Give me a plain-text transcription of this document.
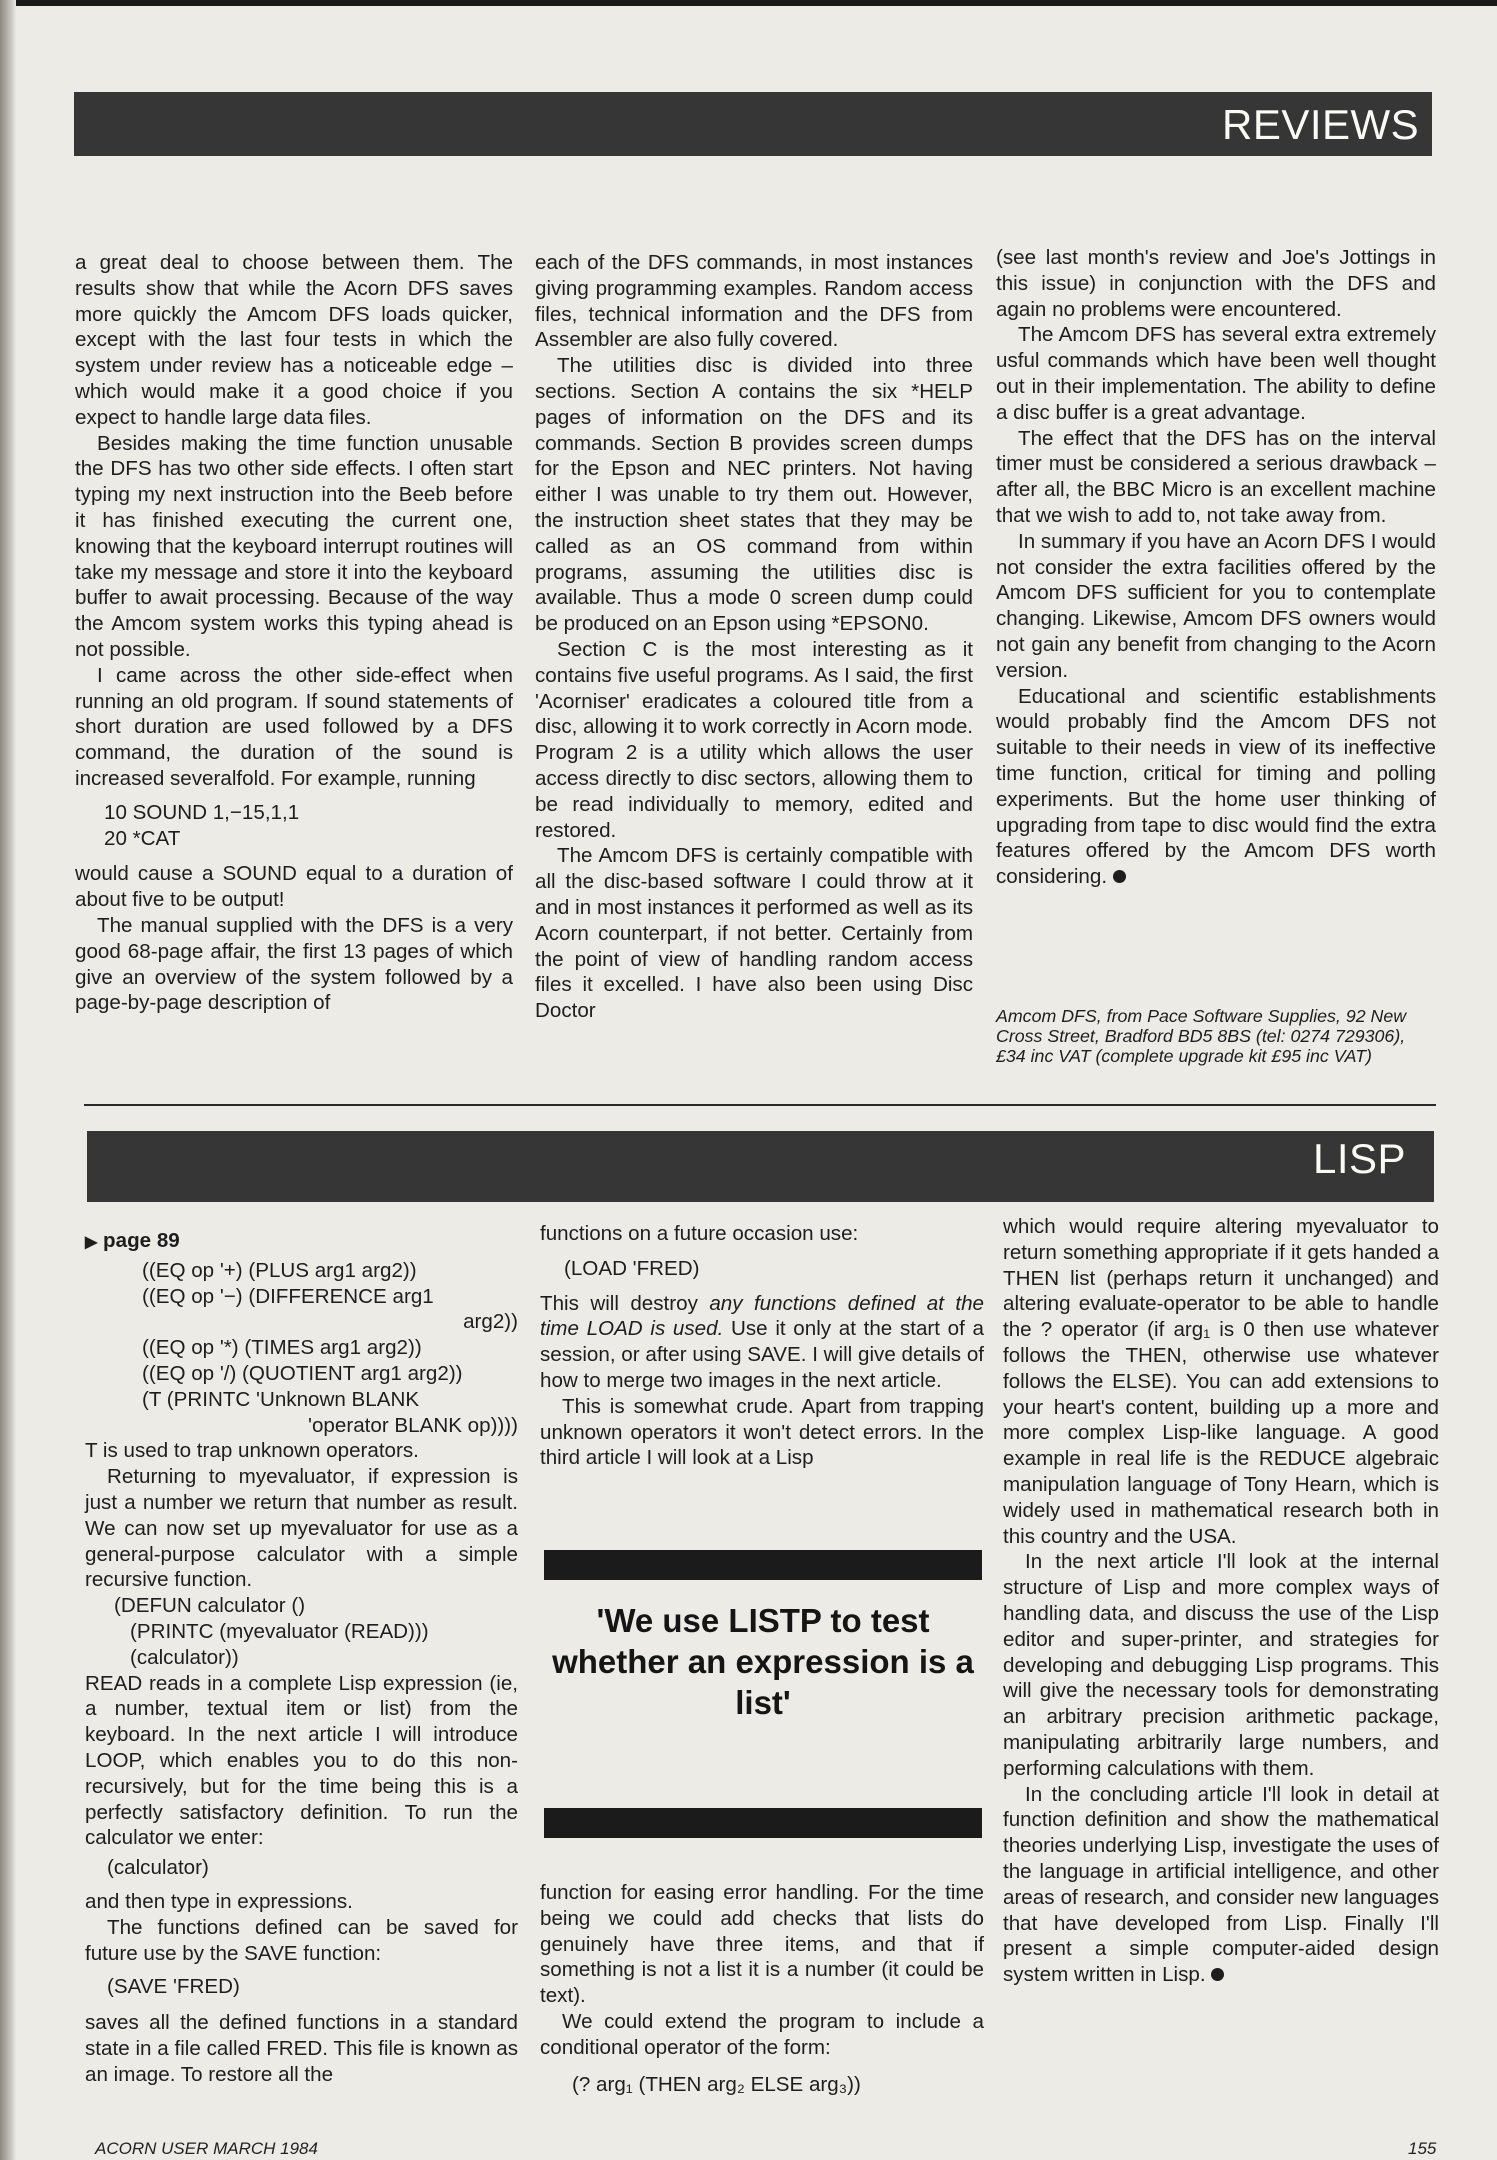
REVIEWS

a great deal to choose between them. The results show that while the Acorn DFS saves more quickly the Amcom DFS loads quicker, except with the last four tests in which the system under review has a noticeable edge – which would make it a good choice if you expect to handle large data files.

Besides making the time function unusable the DFS has two other side effects. I often start typing my next instruction into the Beeb before it has finished executing the current one, knowing that the keyboard interrupt routines will take my message and store it into the keyboard buffer to await processing. Because of the way the Amcom system works this typing ahead is not possible.

I came across the other side-effect when running an old program. If sound statements of short duration are used followed by a DFS command, the duration of the sound is increased severalfold. For example, running

10 SOUND 1,−15,1,1
20 *CAT

would cause a SOUND equal to a duration of about five to be output!

The manual supplied with the DFS is a very good 68-page affair, the first 13 pages of which give an overview of the system followed by a page-by-page description of

each of the DFS commands, in most instances giving programming examples. Random access files, technical information and the DFS from Assembler are also fully covered.

The utilities disc is divided into three sections. Section A contains the six *HELP pages of information on the DFS and its commands. Section B provides screen dumps for the Epson and NEC printers. Not having either I was unable to try them out. However, the instruction sheet states that they may be called as an OS command from within programs, assuming the utilities disc is available. Thus a mode 0 screen dump could be produced on an Epson using *EPSON0.

Section C is the most interesting as it contains five useful programs. As I said, the first 'Acorniser' eradicates a coloured title from a disc, allowing it to work correctly in Acorn mode. Program 2 is a utility which allows the user access directly to disc sectors, allowing them to be read individually to memory, edited and restored.

The Amcom DFS is certainly compatible with all the disc-based software I could throw at it and in most instances it performed as well as its Acorn counterpart, if not better. Certainly from the point of view of handling random access files it excelled. I have also been using Disc Doctor

(see last month's review and Joe's Jottings in this issue) in conjunction with the DFS and again no problems were encountered.

The Amcom DFS has several extra extremely usful commands which have been well thought out in their implementation. The ability to define a disc buffer is a great advantage.

The effect that the DFS has on the interval timer must be considered a serious drawback – after all, the BBC Micro is an excellent machine that we wish to add to, not take away from.

In summary if you have an Acorn DFS I would not consider the extra facilities offered by the Amcom DFS sufficient for you to contemplate changing. Likewise, Amcom DFS owners would not gain any benefit from changing to the Acorn version.

Educational and scientific establishments would probably find the Amcom DFS not suitable to their needs in view of its ineffective time function, critical for timing and polling experiments. But the home user thinking of upgrading from tape to disc would find the extra features offered by the Amcom DFS worth considering.

Amcom DFS, from Pace Software Supplies, 92 New Cross Street, Bradford BD5 8BS (tel: 0274 729306), £34 inc VAT (complete upgrade kit £95 inc VAT)
LISP
▶ page 89
((EQ op '+) (PLUS arg1 arg2))
((EQ op '−) (DIFFERENCE arg1
arg2))
((EQ op '*) (TIMES arg1 arg2))
((EQ op '/) (QUOTIENT arg1 arg2))
(T (PRINTC 'Unknown BLANK
'operator BLANK op))))

T is used to trap unknown operators.

Returning to myevaluator, if expression is just a number we return that number as result. We can now set up myevaluator for use as a general-purpose calculator with a simple recursive function.

(DEFUN calculator ()
(PRINTC (myevaluator (READ)))
(calculator))

READ reads in a complete Lisp expression (ie, a number, textual item or list) from the keyboard. In the next article I will introduce LOOP, which enables you to do this non-recursively, but for the time being this is a perfectly satisfactory definition. To run the calculator we enter:

(calculator)

and then type in expressions.

The functions defined can be saved for future use by the SAVE function:

(SAVE 'FRED)

saves all the defined functions in a standard state in a file called FRED. This file is known as an image. To restore all the

functions on a future occasion use:

(LOAD 'FRED)

This will destroy any functions defined at the time LOAD is used. Use it only at the start of a session, or after using SAVE. I will give details of how to merge two images in the next article.

This is somewhat crude. Apart from trapping unknown operators it won't detect errors. In the third article I will look at a Lisp

'We use LISTP to test whether an expression is a list'

function for easing error handling. For the time being we could add checks that lists do genuinely have three items, and that if something is not a list it is a number (it could be text).

We could extend the program to include a conditional operator of the form:

(? arg₁ (THEN arg₂ ELSE arg₃))

which would require altering myevaluator to return something appropriate if it gets handed a THEN list (perhaps return it unchanged) and altering evaluate-operator to be able to handle the ? operator (if arg₁ is 0 then use whatever follows the THEN, otherwise use whatever follows the ELSE). You can add extensions to your heart's content, building up a more and more complex Lisp-like language. A good example in real life is the REDUCE algebraic manipulation language of Tony Hearn, which is widely used in mathematical research both in this country and the USA.

In the next article I'll look at the internal structure of Lisp and more complex ways of handling data, and discuss the use of the Lisp editor and super-printer, and strategies for developing and debugging Lisp programs. This will give the necessary tools for demonstrating an arbitrary precision arithmetic package, manipulating arbitrarily large numbers, and performing calculations with them.

In the concluding article I'll look in detail at function definition and show the mathematical theories underlying Lisp, investigate the uses of the language in artificial intelligence, and other areas of research, and consider new languages that have developed from Lisp. Finally I'll present a simple computer-aided design system written in Lisp.

ACORN USER MARCH 1984	155
